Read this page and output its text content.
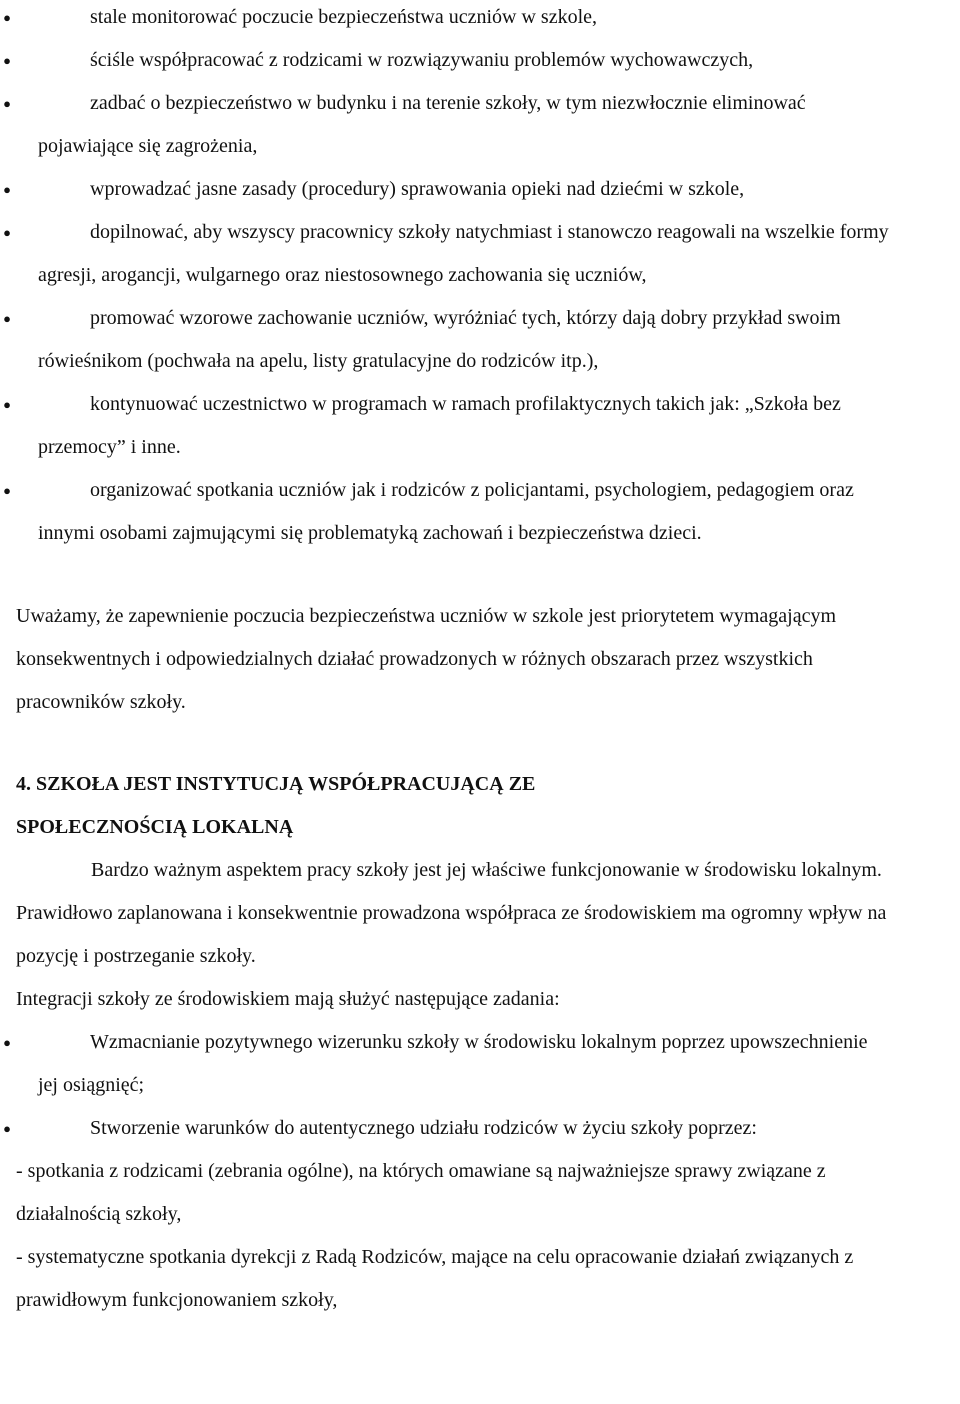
●	stale monitorować poczucie bezpieczeństwa uczniów w szkole,
●	ściśle współpracować z rodzicami w rozwiązywaniu problemów wychowawczych,
●	zadbać o bezpieczeństwo w budynku i na terenie szkoły, w tym niezwłocznie eliminować pojawiające się zagrożenia,
●	wprowadzać jasne zasady (procedury) sprawowania opieki nad dziećmi w szkole,
●	dopilnować, aby wszyscy pracownicy szkoły natychmiast i stanowczo reagowali na wszelkie formy agresji, arogancji, wulgarnego oraz niestosownego zachowania się uczniów,
●	promować wzorowe zachowanie uczniów, wyróżniać tych, którzy dają dobry przykład swoim rówieśnikom (pochwała na apelu, listy gratulacyjne do rodziców itp.),
●	kontynuować uczestnictwo w programach w ramach profilaktycznych takich jak: „Szkoła bez przemocy” i inne.
●	organizować spotkania uczniów jak i rodziców z policjantami, psychologiem, pedagogiem oraz innymi osobami zajmującymi się problematyką zachowań i bezpieczeństwa dzieci.

Uważamy, że zapewnienie poczucia bezpieczeństwa uczniów w szkole jest priorytetem wymagającym konsekwentnych i odpowiedzialnych działać prowadzonych w różnych obszarach przez wszystkich pracowników szkoły.

4. SZKOŁA JEST INSTYTUCJĄ WSPÓŁPRACUJĄCĄ ZE

SPOŁECZNOŚCIĄ LOKALNĄ

Bardzo ważnym aspektem pracy szkoły jest jej właściwe funkcjonowanie w środowisku lokalnym. Prawidłowo zaplanowana i konsekwentnie prowadzona współpraca ze środowiskiem ma ogromny wpływ na pozycję i postrzeganie szkoły.

Integracji szkoły ze środowiskiem mają służyć następujące zadania:

●	Wzmacnianie pozytywnego wizerunku szkoły w środowisku lokalnym poprzez upowszechnienie jej osiągnięć;
●	Stworzenie warunków do autentycznego udziału rodziców w życiu szkoły poprzez:

- spotkania z rodzicami (zebrania ogólne), na których omawiane są najważniejsze sprawy związane z działalnością szkoły,

- systematyczne spotkania dyrekcji z Radą Rodziców, mające na celu opracowanie działań związanych z prawidłowym funkcjonowaniem szkoły,
